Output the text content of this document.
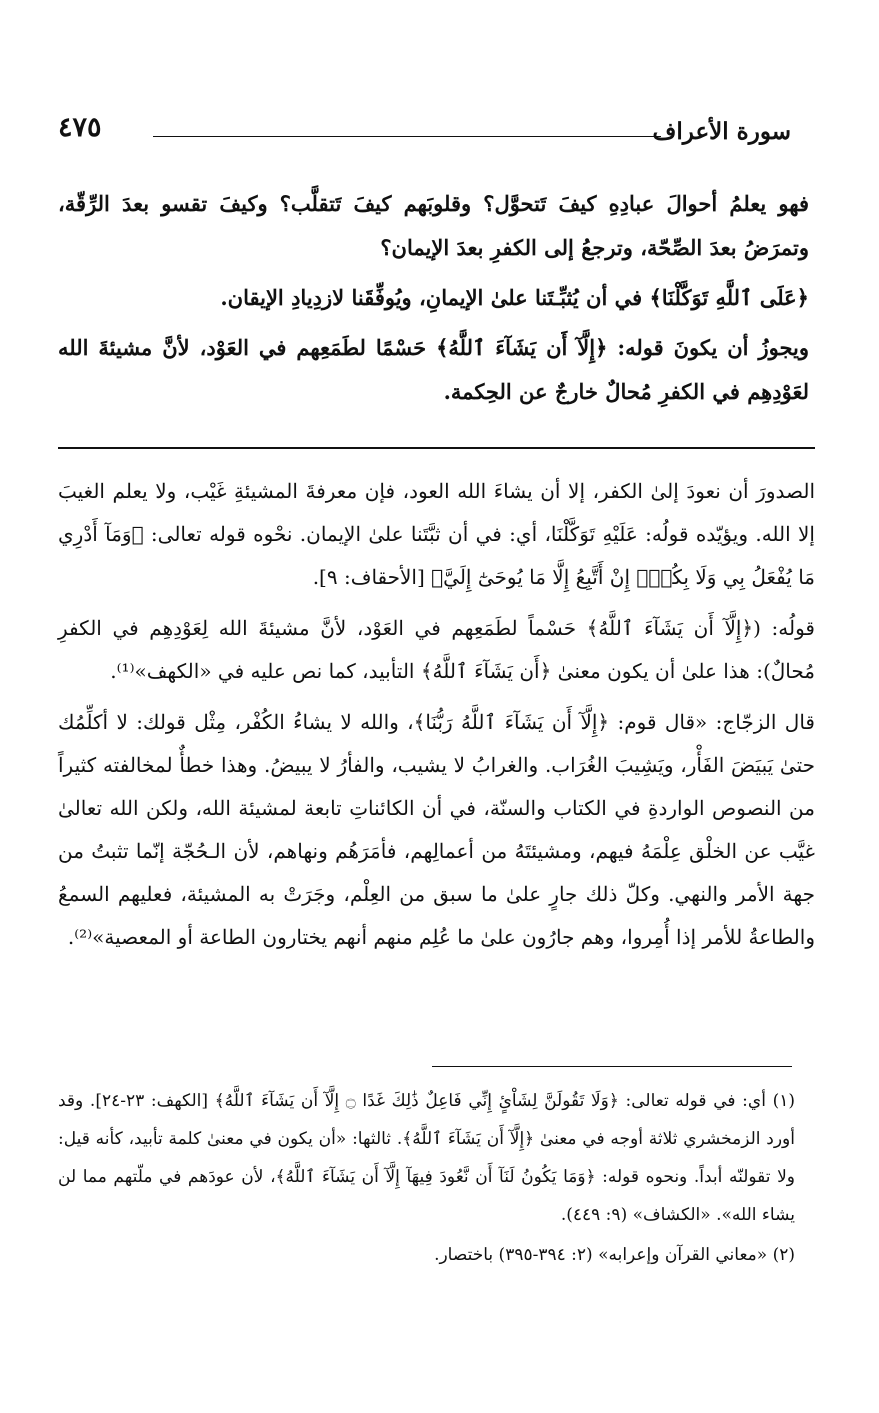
سورة الأعراف
٤٧٥

فهو يعلمُ أحوالَ عبادِهِ كيفَ تَتحوَّل؟ وقلوبَهم كيفَ تَتقلَّب؟ وكيفَ تقسو بعدَ الرِّقّة، وتمرَضُ بعدَ الصِّحّة، وترجعُ إلى الكفرِ بعدَ الإيمان؟

﴿عَلَى ٱللَّهِ تَوَكَّلْنَا﴾ في أن يُثبِّـتَنا علىٰ الإيمانِ، ويُوفِّقَنا لازدِيادِ الإيقان.

ويجوزُ أن يكونَ قوله: ﴿إِلَّآ أَن يَشَآءَ ٱللَّهُ﴾ حَسْمًا لطَمَعِهم في العَوْد، لأنَّ مشيئةَ الله لعَوْدِهِم في الكفرِ مُحالٌ خارجٌ عن الحِكمة.

الصدورَ أن نعودَ إلىٰ الكفر، إلا أن يشاءَ الله العود، فإن معرفةَ المشيئةِ غَيْب، ولا يعلم الغيبَ إلا الله. ويؤيّده قولُه: عَلَيْهِ تَوَكَّلْنَا، أي: في أن ثبَّتَنا علىٰ الإيمان. نحْوه قوله تعالى: ﴿وَمَآ أَدْرِي مَا يُفْعَلُ بِي وَلَا بِكُمْۖ إِنْ أَتَّبِعُ إِلَّا مَا يُوحَىٰٓ إِلَيَّ﴾ [الأحقاف: ٩].

قولُه: (﴿إِلَّآ أَن يَشَآءَ ٱللَّهُ﴾ حَسْماً لطَمَعِهم في العَوْد، لأنَّ مشيئةَ الله لِعَوْدِهِم في الكفرِ مُحالٌ): هذا علىٰ أن يكون معنىٰ ﴿أَن يَشَآءَ ٱللَّهُ﴾ التأبيد، كما نص عليه في «الكهف»⁽¹⁾.

قال الزجّاج: «قال قوم: ﴿إِلَّآ أَن يَشَآءَ ٱللَّهُ رَبُّنَا﴾، والله لا يشاءُ الكُفْر، مِثْل قولك: لا أكلِّمُك حتىٰ يَبيَضَ الفَأْر، ويَشِيبَ الغُرَاب. والغرابُ لا يشيب، والفأرُ لا يبيضُ. وهذا خطأٌ لمخالفته كثيراً من النصوص الواردةِ في الكتاب والسنّة، في أن الكائناتِ تابعة لمشيئة الله، ولكن الله تعالىٰ غيَّب عن الخلْق عِلْمَهُ فيهم، ومشيئتَهُ من أعمالِهم، فأمَرَهُم ونهاهم، لأن الـحُجّة إنّما تثبتُ من جهة الأمر والنهي. وكلّ ذلك جارٍ علىٰ ما سبق من العِلْم، وجَرَتْ به المشيئة، فعليهم السمعُ والطاعةُ للأمر إذا أُمِروا، وهم جارُون علىٰ ما عُلِم منهم أنهم يختارون الطاعة أو المعصية»⁽²⁾.

(١) أي: في قوله تعالى: ﴿وَلَا تَقُولَنَّ لِشَاْىٍٔ إِنِّي فَاعِلٌ ذَٰلِكَ غَدًا ۝ إِلَّآ أَن يَشَآءَ ٱللَّهُ﴾ [الكهف: ٢٣-٢٤]. وقد أورد الزمخشري ثلاثة أوجه في معنىٰ ﴿إِلَّآ أَن يَشَآءَ ٱللَّهُ﴾. ثالثها: «أن يكون في معنىٰ كلمة تأبيد، كأنه قيل: ولا تقولنّه أبداً. ونحوه قوله: ﴿وَمَا يَكُونُ لَنَآ أَن نَّعُودَ فِيهَآ إِلَّآ أَن يَشَآءَ ٱللَّهُ﴾، لأن عودَهم في ملّتهم مما لن يشاء الله». «الكشاف» (٩: ٤٤٩).

(٢) «معاني القرآن وإعرابه» (٢: ٣٩٤-٣٩٥) باختصار.
